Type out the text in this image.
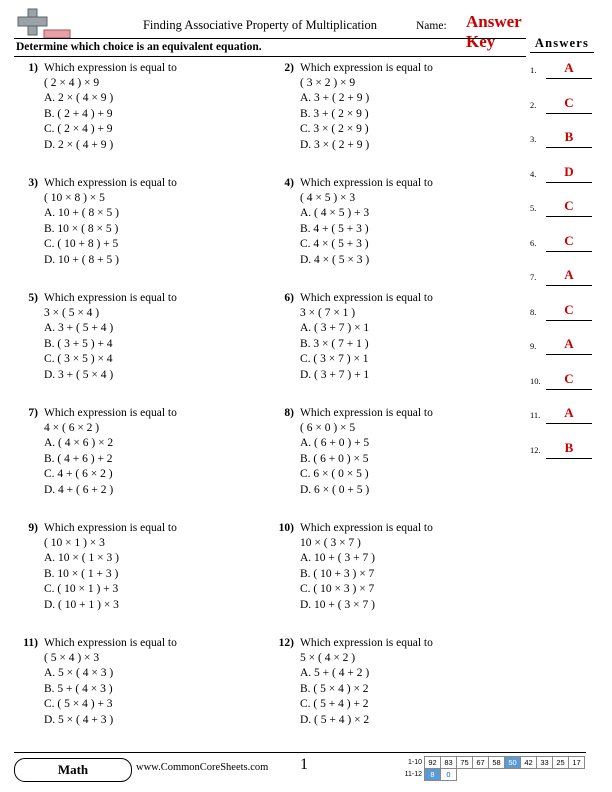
Finding Associative Property of Multiplication	Name: Answer Key
Determine which choice is an equivalent equation.	Answers
1.	A
2.	C
3.	B
4.	D
5.	C
6.	C
7.	A
8.	C
9.	A
10.	C
11.	A
12.	B
1) Which expression is equal to
( 2 × 4 ) × 9
A. 2 × ( 4 × 9 )
B. ( 2 + 4 ) + 9
C. ( 2 × 4 ) + 9
D. 2 × ( 4 + 9 )
2) Which expression is equal to
( 3 × 2 ) × 9
A. 3 + ( 2 + 9 )
B. 3 + ( 2 × 9 )
C. 3 × ( 2 × 9 )
D. 3 × ( 2 + 9 )
3) Which expression is equal to
( 10 × 8 ) × 5
A. 10 + ( 8 × 5 )
B. 10 × ( 8 × 5 )
C. ( 10 + 8 ) + 5
D. 10 + ( 8 + 5 )
4) Which expression is equal to
( 4 × 5 ) × 3
A. ( 4 × 5 ) + 3
B. 4 + ( 5 + 3 )
C. 4 × ( 5 + 3 )
D. 4 × ( 5 × 3 )
5) Which expression is equal to
3 × ( 5 × 4 )
A. 3 + ( 5 + 4 )
B. ( 3 + 5 ) + 4
C. ( 3 × 5 ) × 4
D. 3 + ( 5 × 4 )
6) Which expression is equal to
3 × ( 7 × 1 )
A. ( 3 + 7 ) × 1
B. 3 × ( 7 + 1 )
C. ( 3 × 7 ) × 1
D. ( 3 + 7 ) + 1
7) Which expression is equal to
4 × ( 6 × 2 )
A. ( 4 × 6 ) × 2
B. ( 4 + 6 ) + 2
C. 4 + ( 6 × 2 )
D. 4 + ( 6 + 2 )
8) Which expression is equal to
( 6 × 0 ) × 5
A. ( 6 + 0 ) + 5
B. ( 6 + 0 ) × 5
C. 6 × ( 0 × 5 )
D. 6 × ( 0 + 5 )
9) Which expression is equal to
( 10 × 1 ) × 3
A. 10 × ( 1 × 3 )
B. 10 × ( 1 + 3 )
C. ( 10 × 1 ) + 3
D. ( 10 + 1 ) × 3
10) Which expression is equal to
10 × ( 3 × 7 )
A. 10 + ( 3 + 7 )
B. ( 10 + 3 ) × 7
C. ( 10 × 3 ) × 7
D. 10 + ( 3 × 7 )
11) Which expression is equal to
( 5 × 4 ) × 3
A. 5 × ( 4 × 3 )
B. 5 + ( 4 × 3 )
C. ( 5 × 4 ) + 3
D. 5 × ( 4 + 3 )
12) Which expression is equal to
5 × ( 4 × 2 )
A. 5 + ( 4 + 2 )
B. ( 5 × 4 ) × 2
C. ( 5 + 4 ) + 2
D. ( 5 + 4 ) × 2
Math	www.CommonCoreSheets.com 1	1-10	92	83	75	67	58	50	42	33	25	17
11-12	8	0								
